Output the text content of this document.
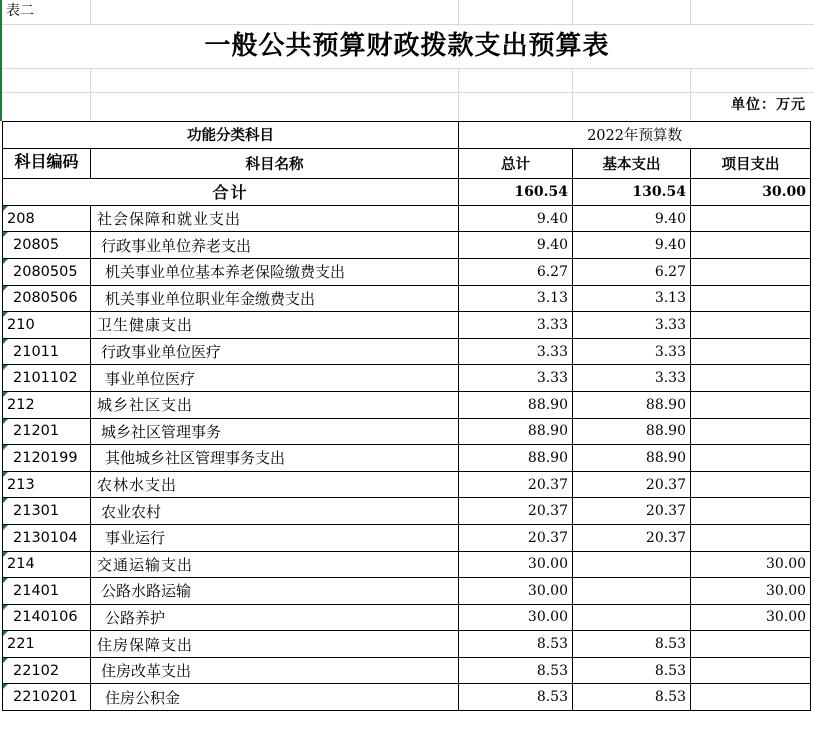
表二
一般公共预算财政拨款支出预算表
单位：万元
功能分类科目		2022年预算数		
科目编码	科目名称	总计	基本支出	项目支出
合计		160.54	130.54	30.00

208	社会保障和就业支出	9.40	9.40	

20805	行政事业单位养老支出	9.40	9.40	

2080505	机关事业单位基本养老保险缴费支出	6.27	6.27	

2080506	机关事业单位职业年金缴费支出	3.13	3.13	

210	卫生健康支出	3.33	3.33	

21011	行政事业单位医疗	3.33	3.33	

2101102	事业单位医疗	3.33	3.33	

212	城乡社区支出	88.90	88.90	

21201	城乡社区管理事务	88.90	88.90	

2120199	其他城乡社区管理事务支出	88.90	88.90	

213	农林水支出	20.37	20.37	

21301	农业农村	20.37	20.37	

2130104	事业运行	20.37	20.37	

214	交通运输支出	30.00		30.00

21401	公路水路运输	30.00		30.00

2140106	公路养护	30.00		30.00

221	住房保障支出	8.53	8.53	

22102	住房改革支出	8.53	8.53	

2210201	住房公积金	8.53	8.53	
